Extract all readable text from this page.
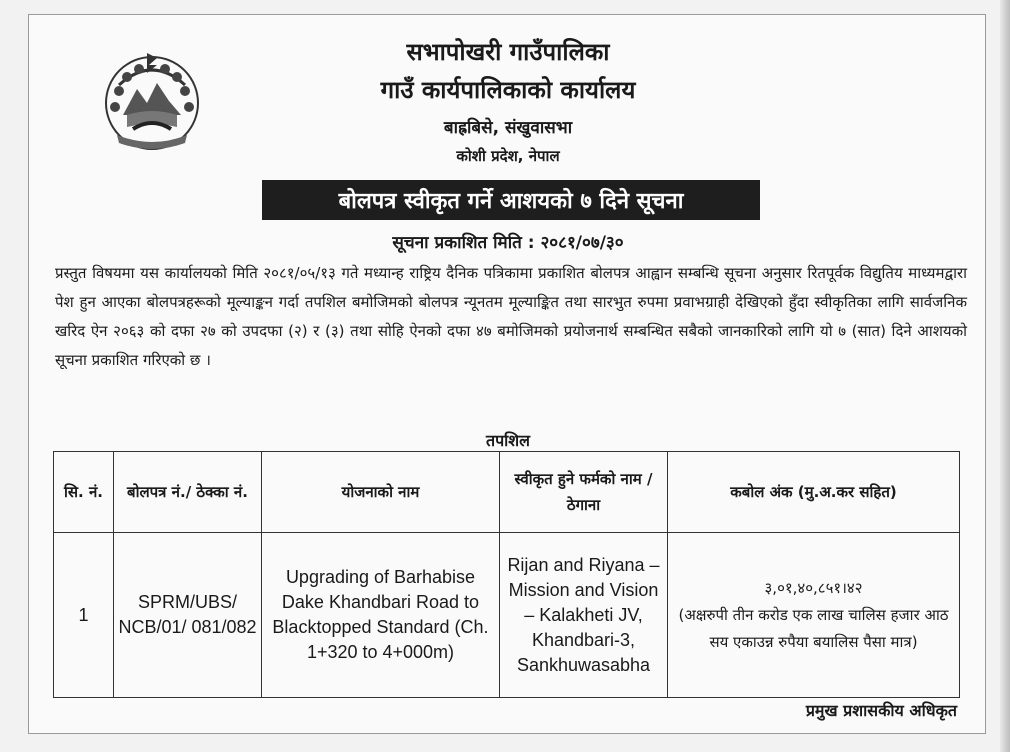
सभापोखरी गाउँपालिका
गाउँ कार्यपालिकाको कार्यालय
बाह्रबिसे, संखुवासभा
कोशी प्रदेश, नेपाल
बोलपत्र स्वीकृत गर्ने आशयको ७ दिने सूचना
सूचना प्रकाशित मिति : २०८१/०७/३०

प्रस्तुत विषयमा यस कार्यालयको मिति २०८१/०५/१३ गते मध्यान्ह राष्ट्रिय दैनिक पत्रिकामा प्रकाशित बोलपत्र आह्वान सम्बन्धि सूचना अनुसार रितपूर्वक विद्युतिय माध्यमद्वारा पेश हुन आएका बोलपत्रहरूको मूल्याङ्कन गर्दा तपशिल बमोजिमको बोलपत्र न्यूनतम मूल्याङ्कित तथा सारभुत रुपमा प्रवाभग्राही देखिएको हुँदा स्वीकृतिका लागि सार्वजनिक खरिद ऐन २०६३ को दफा २७ को उपदफा (२) र (३) तथा सोहि ऐनको दफा ४७ बमोजिमको प्रयोजनार्थ सम्बन्धित सबैको जानकारिको लागि यो ७ (सात) दिने आशयको सूचना प्रकाशित गरिएको छ ।

तपशिल
सि. नं.	बोलपत्र नं./ ठेक्का नं.	योजनाको नाम	स्वीकृत हुने फर्मको नाम / ठेगाना	कबोल अंक (मु.अ.कर सहित)
1	SPRM/UBS/ NCB/01/ 081/082	Upgrading of Barhabise Dake Khandbari Road to Blacktopped Standard (Ch. 1+320 to 4+000m)	Rijan and Riyana – Mission and Vision – Kalakheti JV, Khandbari-3, Sankhuwasabha	३,०१,४०,८५१।४२
(अक्षरुपी तीन करोड एक लाख चालिस हजार आठ सय एकाउन्न रुपैया बयालिस पैसा मात्र)
प्रमुख प्रशासकीय अधिकृत
